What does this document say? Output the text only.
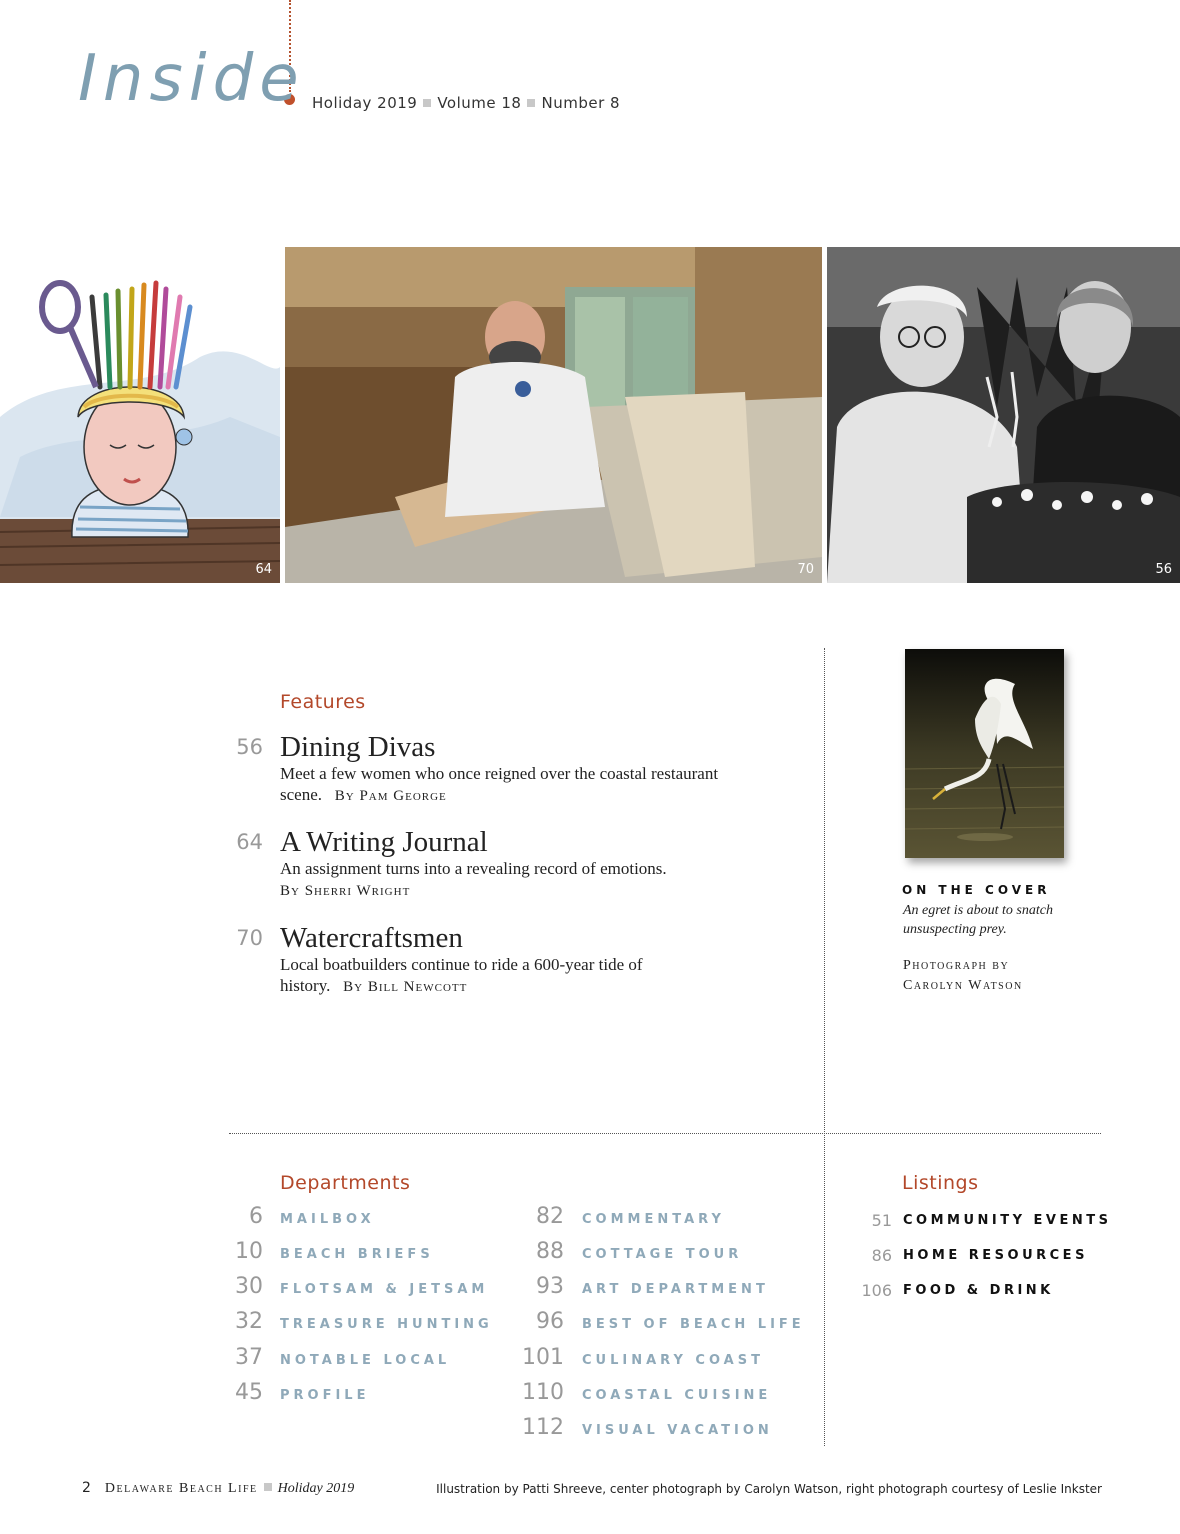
Inside Holiday 2019 Volume 18 Number 8
64	70	56
Features
56 Dining Divas
Meet a few women who once reigned over the coastal restaurant scene. By Pam George
64 A Writing Journal
An assignment turns into a revealing record of emotions.
By Sherri Wright
70 Watercraftsmen
Local boatbuilders continue to ride a 600-year tide of history. By Bill Newcott
ON THE COVER
An egret is about to snatch unsuspecting prey.
Photograph by
Carolyn Watson
Departments
6 MAILBOX
10 BEACH BRIEFS
30 FLOTSAM & JETSAM
32 TREASURE HUNTING
37 NOTABLE LOCAL
45 PROFILE
82 COMMENTARY
88 COTTAGE TOUR
93 ART DEPARTMENT
96 BEST OF BEACH LIFE
101 CULINARY COAST
110 COASTAL CUISINE
112 VISUAL VACATION
Listings
51 COMMUNITY EVENTS
86 HOME RESOURCES
106 FOOD & DRINK
2 Delaware Beach Life Holiday 2019	Illustration by Patti Shreeve, center photograph by Carolyn Watson, right photograph courtesy of Leslie Inkster
